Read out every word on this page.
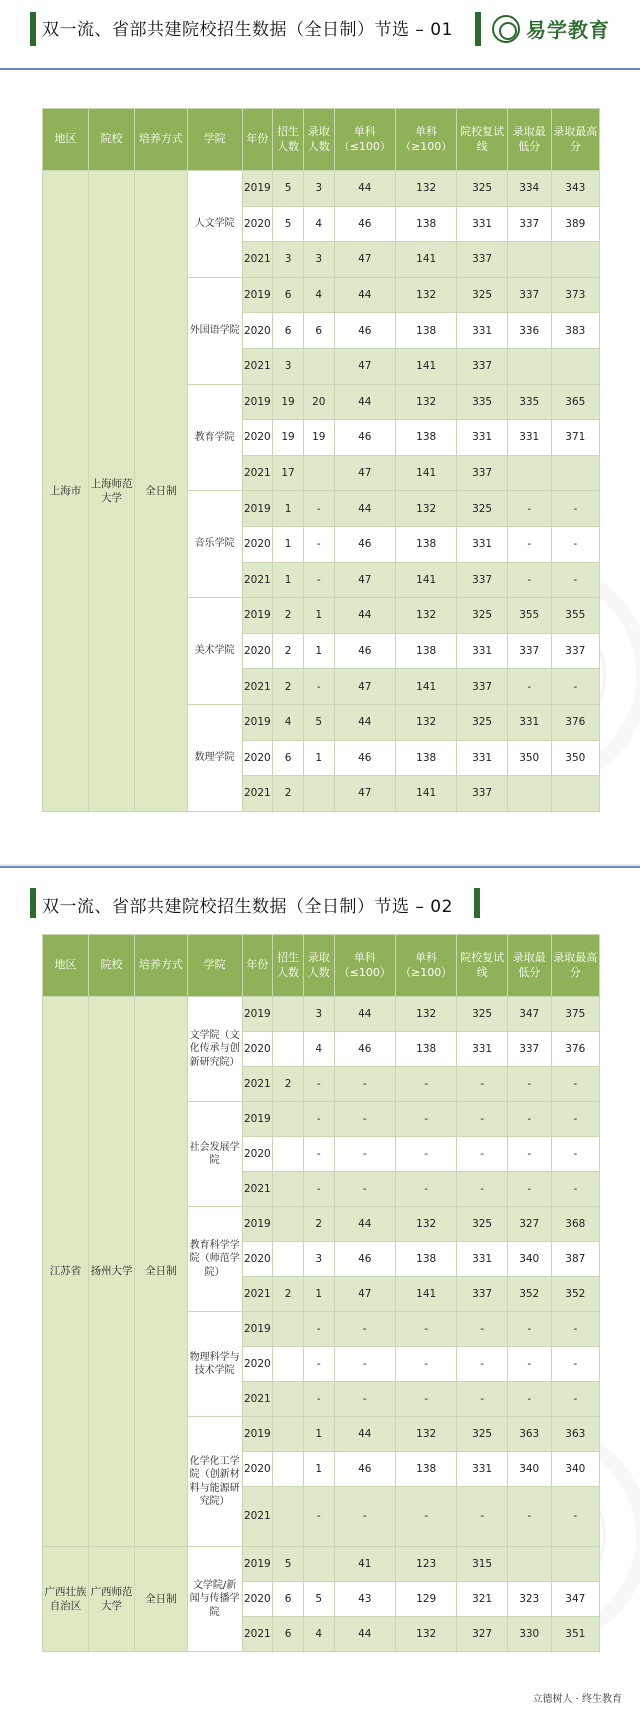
双一流、省部共建院校招生数据（全日制）节选 – 01	易学教育
地区	院校	培养方式	学院	年份	招生人数	录取人数	单科（≤100）	单科（≥100）	院校复试线	录取最低分	录取最高分
上海市	上海师范大学	全日制	人文学院	2019	5	3	44	132	325	334	343
				2020	5	4	46	138	331	337	389
				2021	3	3	47	141	337		
			外国语学院	2019	6	4	44	132	325	337	373
				2020	6	6	46	138	331	336	383
				2021	3		47	141	337		
			教育学院	2019	19	20	44	132	335	335	365
				2020	19	19	46	138	331	331	371
				2021	17		47	141	337		
			音乐学院	2019	1	-	44	132	325	-	-
				2020	1	-	46	138	331	-	-
				2021	1	-	47	141	337	-	-
			美术学院	2019	2	1	44	132	325	355	355
				2020	2	1	46	138	331	337	337
				2021	2	-	47	141	337	-	-
			数理学院	2019	4	5	44	132	325	331	376
				2020	6	1	46	138	331	350	350
				2021	2		47	141	337		
双一流、省部共建院校招生数据（全日制）节选 – 02
地区	院校	培养方式	学院	年份	招生人数	录取人数	单科（≤100）	单科（≥100）	院校复试线	录取最低分	录取最高分
江苏省	扬州大学	全日制	文学院（文化传承与创新研究院）	2019		3	44	132	325	347	375
				2020		4	46	138	331	337	376
				2021	2	-	-	-	-	-	-
			社会发展学院	2019		-	-	-	-	-	-
				2020		-	-	-	-	-	-
				2021		-	-	-	-	-	-
			教育科学学院（师范学院）	2019		2	44	132	325	327	368
				2020		3	46	138	331	340	387
				2021	2	1	47	141	337	352	352
			物理科学与技术学院	2019		-	-	-	-	-	-
				2020		-	-	-	-	-	-
				2021		-	-	-	-	-	-
			化学化工学院（创新材料与能源研究院）	2019		1	44	132	325	363	363
				2020		1	46	138	331	340	340
				2021		-	-	-	-	-	-
广西壮族自治区	广西师范大学	全日制	文学院/新闻与传播学院	2019	5		41	123	315		
				2020	6	5	43	129	321	323	347
				2021	6	4	44	132	327	330	351
立德树人 · 终生教育
